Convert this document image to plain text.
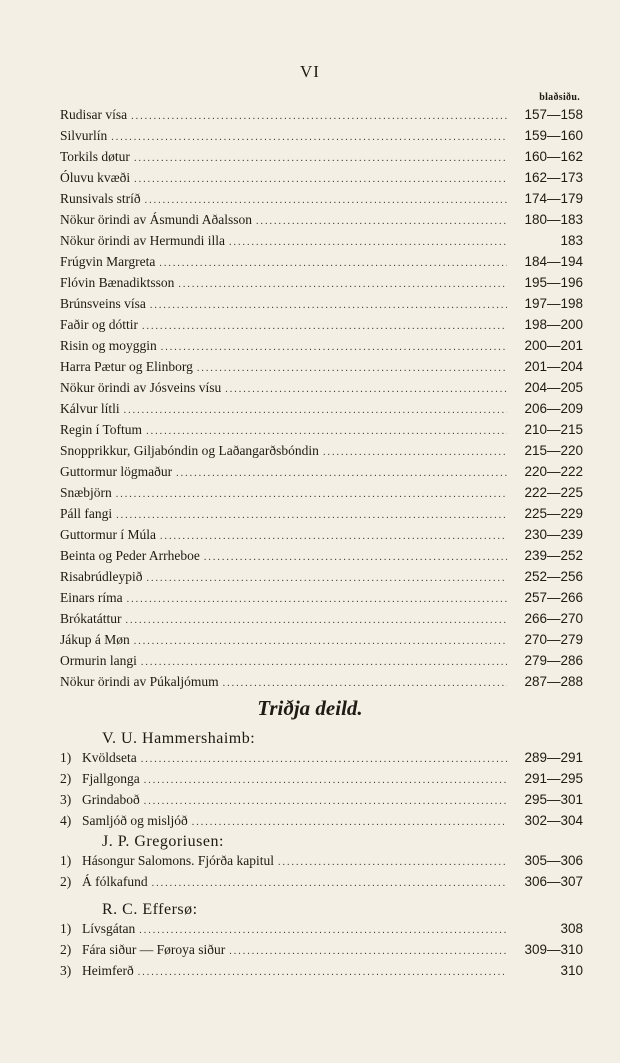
VI
blaðsiðu.
Rudisar vísa .....	157—158
Silvurlín .....	159—160
Torkils døtur .....	160—162
Óluvu kvæði .....	162—173
Runsivals stríð .....	174—179
Nökur örindi av Ásmundi Aðalsson .....	180—183
Nökur örindi av Hermundi illa .....	183
Frúgvin Margreta .....	184—194
Flóvin Bænadiktsson .....	195—196
Brúnsveins vísa .....	197—198
Faðir og dóttir .....	198—200
Risin og moyggin .....	200—201
Harra Pætur og Elinborg .....	201—204
Nökur örindi av Jósveins vísu .....	204—205
Kálvur lítli .....	206—209
Regin í Toftum .....	210—215
Snopprikkur, Giljabóndin og Laðangarðsbóndin .....	215—220
Guttormur lögmaður .....	220—222
Snæbjörn .....	222—225
Páll fangi .....	225—229
Guttormur í Múla .....	230—239
Beinta og Peder Arrheboe .....	239—252
Risabrúdleypið .....	252—256
Einars ríma .....	257—266
Brókatáttur .....	266—270
Jákup á Møn .....	270—279
Ormurin langi .....	279—286
Nökur örindi av Púkaljómum .....	287—288
Triðja deild.
V. U. Hammershaimb:
1) Kvöldseta .....	289—291
2) Fjallgonga .....	291—295
3) Grindaboð .....	295—301
4) Samljóð og misljóð .....	302—304
J. P. Gregoriusen:
1) Hásongur Salomons. Fjórða kapitul .....	305—306
2) Á fólkafund .....	306—307
R. C. Effersø:
1) Lívsgátan .....	308
2) Fára siður — Føroya siður .....	309—310
3) Heimferð .....	310
